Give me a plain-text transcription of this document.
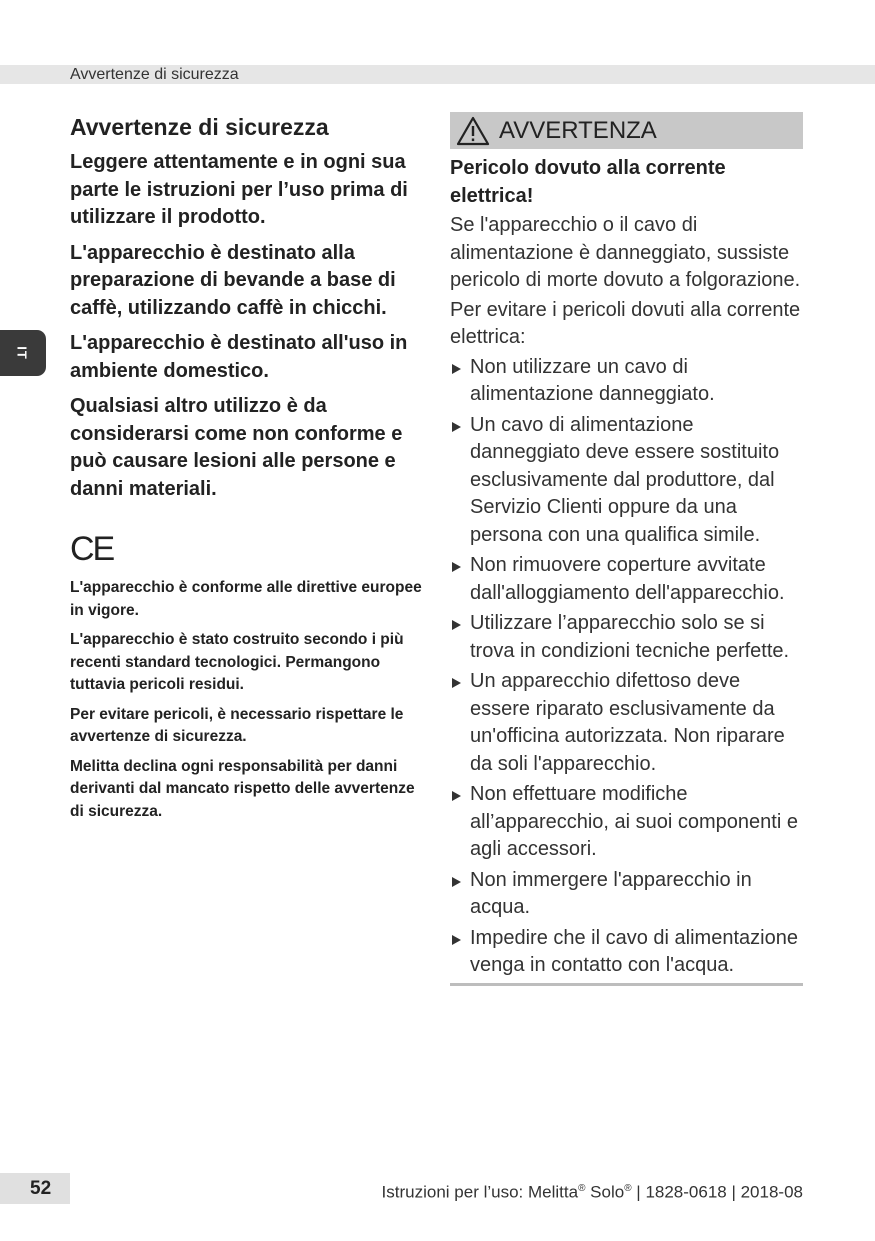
Avvertenze di sicurezza
IT
Avvertenze di sicurezza

Leggere attentamente e in ogni sua parte le istruzioni per l’uso prima di utilizzare il prodotto.

L'apparecchio è destinato alla preparazione di bevande a base di caffè, utilizzando caffè in chicchi.

L'apparecchio è destinato all'uso in ambiente domestico.

Qualsiasi altro utilizzo è da considerarsi come non conforme e può causare lesioni alle persone e danni materiali.

CE

L'apparecchio è conforme alle direttive europee in vigore.

L'apparecchio è stato costruito secondo i più recenti standard tecnologici. Permangono tuttavia pericoli residui.

Per evitare pericoli, è necessario rispettare le avvertenze di sicurezza.

Melitta declina ogni responsabilità per danni derivanti dal mancato rispetto delle avvertenze di sicurezza.

AVVERTENZA

Pericolo dovuto alla corrente elettrica!

Se l'apparecchio o il cavo di alimentazione è danneggiato, sussiste pericolo di morte dovuto a folgorazione.

Per evitare i pericoli dovuti alla corrente elettrica:

Non utilizzare un cavo di alimentazione danneggiato.
Un cavo di alimentazione danneggiato deve essere sostituito esclusivamente dal produttore, dal Servizio Clienti oppure da una persona con una qualifica simile.
Non rimuovere coperture avvitate dall'alloggiamento dell'apparecchio.
Utilizzare l’apparecchio solo se si trova in condizioni tecniche perfette.
Un apparecchio difettoso deve essere riparato esclusivamente da un'officina autorizzata. Non riparare da soli l'apparecchio.
Non effettuare modifiche all’apparecchio, ai suoi componenti e agli accessori.
Non immergere l'apparecchio in acqua.
Impedire che il cavo di alimentazione venga in contatto con l'acqua.
52	Istruzioni per l’uso: Melitta® Solo® | 1828-0618 | 2018-08
